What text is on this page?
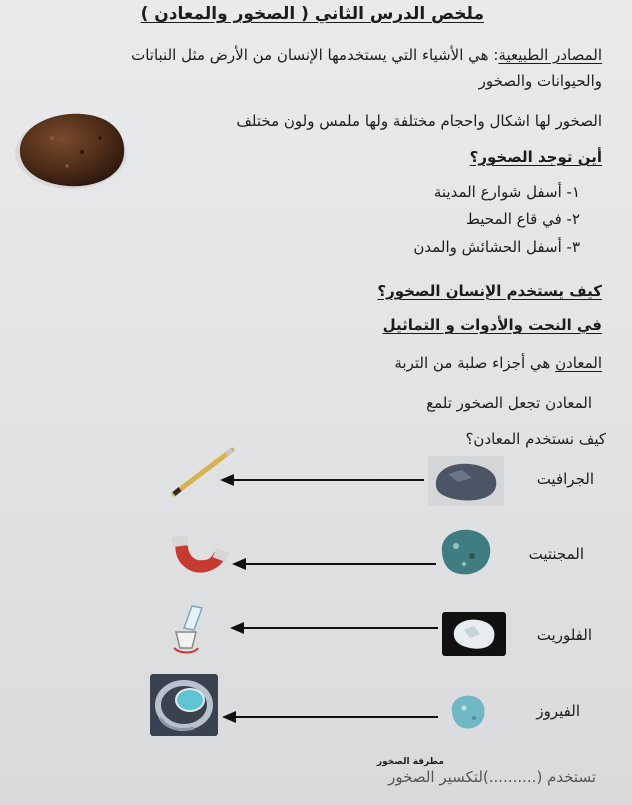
ملخص الدرس الثاني ( الصخور والمعادن )
المصادر الطبيعية: هي الأشياء التي يستخدمها الإنسان من الأرض مثل النباتات
والحيوانات والصخور
الصخور لها اشكال واحجام مختلفة ولها ملمس ولون مختلف
أين توجد الصخور؟
١- أسفل شوارع المدينة
٢- في قاع المحيط
٣- أسفل الحشائش والمدن
كيف يستخدم الإنسان الصخور؟
في النحت والأدوات و التماثيل
المعادن هي أجزاء صلبة من التربة
المعادن تجعل الصخور تلمع
كيف نستخدم المعادن؟
الجرافيت
المجنتيت
الفلوريت
الفيروز
مطرقة الصخور
تستخدم (..........)لتكسير الصخور
